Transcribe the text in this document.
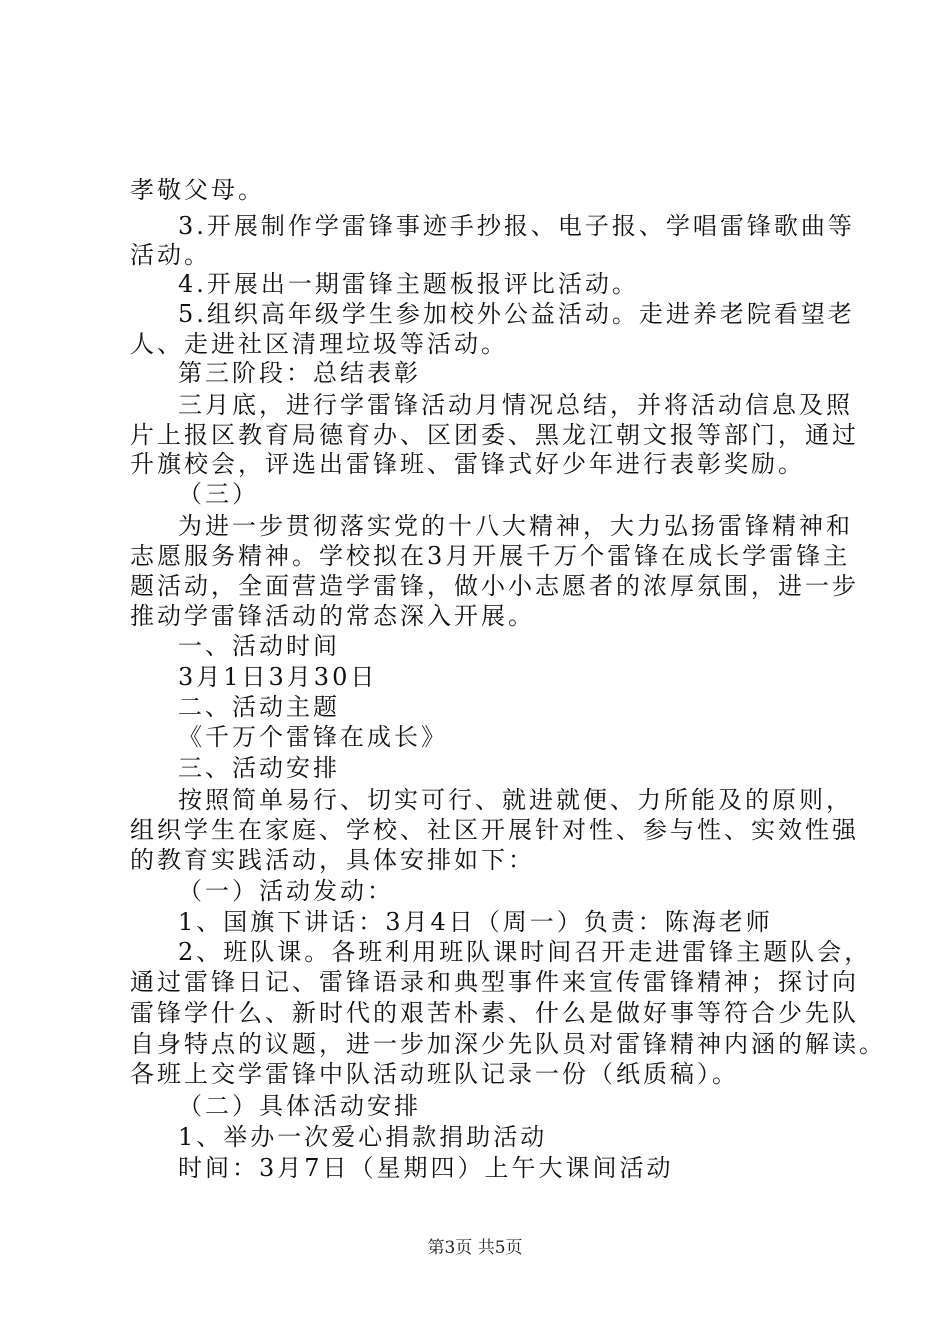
孝敬父母。
3.开展制作学雷锋事迹手抄报、电子报、学唱雷锋歌曲等
活动。
4.开展出一期雷锋主题板报评比活动。
5.组织高年级学生参加校外公益活动。走进养老院看望老
人、走进社区清理垃圾等活动。
第三阶段：总结表彰
三月底，进行学雷锋活动月情况总结，并将活动信息及照
片上报区教育局德育办、区团委、黑龙江朝文报等部门，通过
升旗校会，评选出雷锋班、雷锋式好少年进行表彰奖励。
（三）
为进一步贯彻落实党的十八大精神，大力弘扬雷锋精神和
志愿服务精神。学校拟在3月开展千万个雷锋在成长学雷锋主
题活动，全面营造学雷锋，做小小志愿者的浓厚氛围，进一步
推动学雷锋活动的常态深入开展。
一、活动时间
3月1日3月30日
二、活动主题
《千万个雷锋在成长》
三、活动安排
按照简单易行、切实可行、就进就便、力所能及的原则，
组织学生在家庭、学校、社区开展针对性、参与性、实效性强
的教育实践活动，具体安排如下：
（一）活动发动：
1、国旗下讲话：3月4日（周一）负责：陈海老师
2、班队课。各班利用班队课时间召开走进雷锋主题队会，
通过雷锋日记、雷锋语录和典型事件来宣传雷锋精神；探讨向
雷锋学什么、新时代的艰苦朴素、什么是做好事等符合少先队
自身特点的议题，进一步加深少先队员对雷锋精神内涵的解读。
各班上交学雷锋中队活动班队记录一份（纸质稿）。
（二）具体活动安排
1、举办一次爱心捐款捐助活动
时间：3月7日（星期四）上午大课间活动
第3页 共5页
